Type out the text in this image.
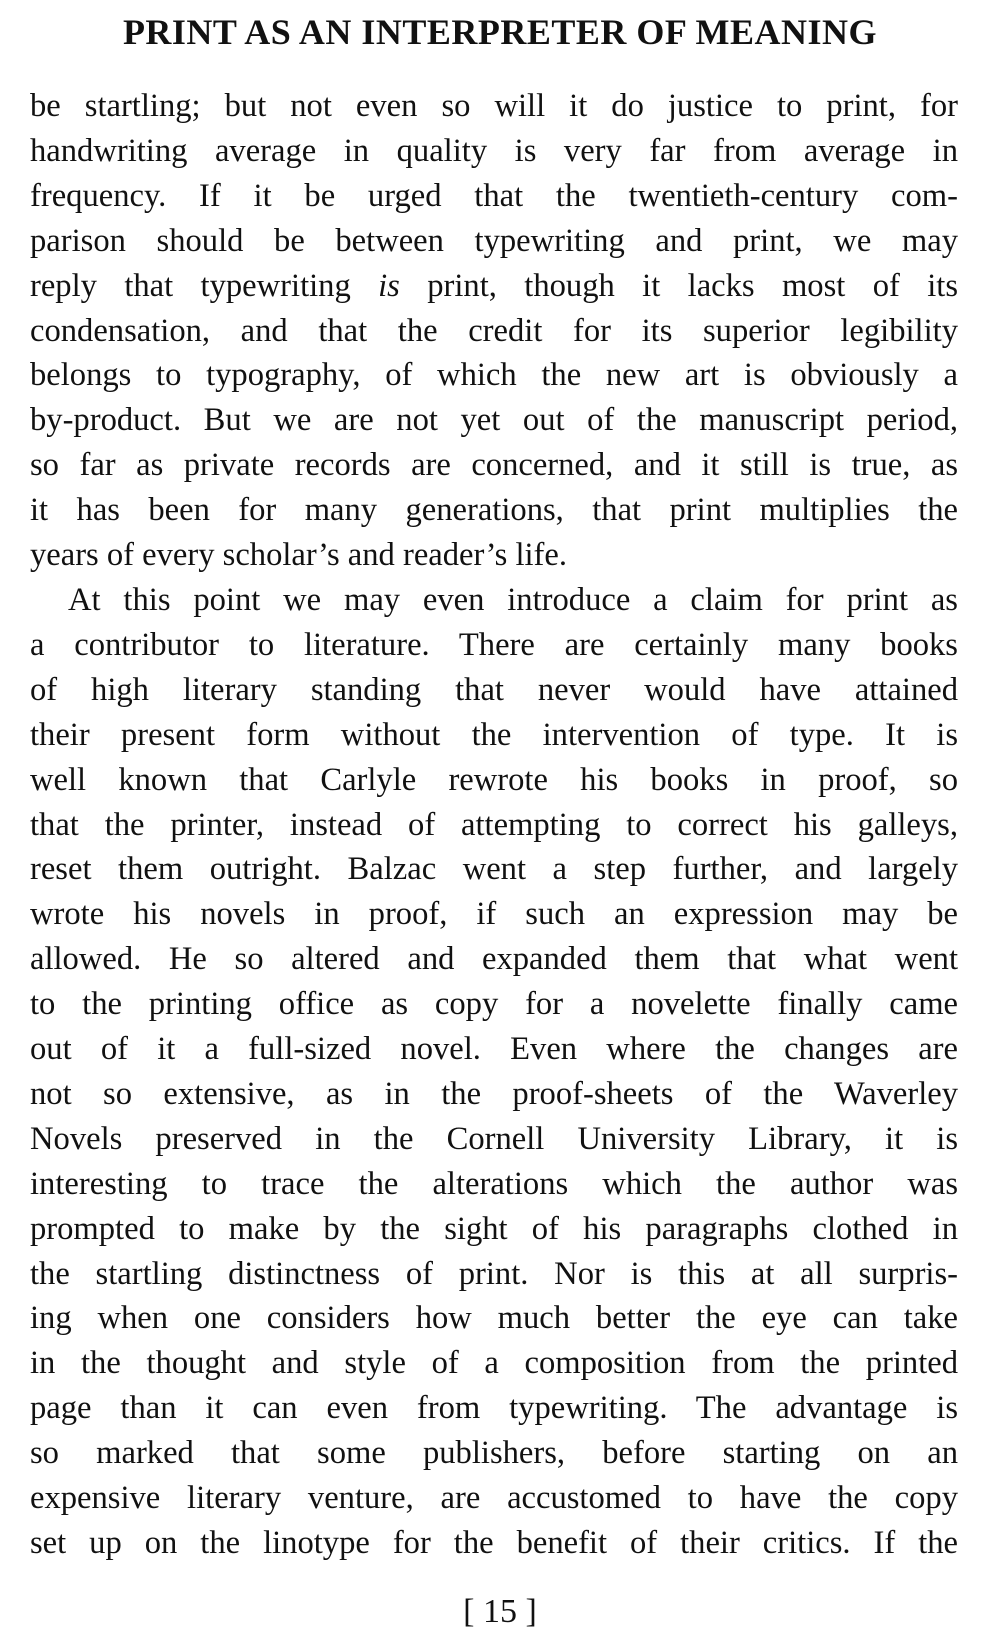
PRINT AS AN INTERPRETER OF MEANING
be startling; but not even so will it do justice to print, for
handwriting average in quality is very far from average in
frequency. If it be urged that the twentieth-century com-
parison should be between typewriting and print, we may
reply that typewriting is print, though it lacks most of its
condensation, and that the credit for its superior legibility
belongs to typography, of which the new art is obviously a
by-product. But we are not yet out of the manuscript period,
so far as private records are concerned, and it still is true, as
it has been for many generations, that print multiplies the
years of every scholar’s and reader’s life.
At this point we may even introduce a claim for print as
a contributor to literature. There are certainly many books
of high literary standing that never would have attained
their present form without the intervention of type. It is
well known that Carlyle rewrote his books in proof, so
that the printer, instead of attempting to correct his galleys,
reset them outright. Balzac went a step further, and largely
wrote his novels in proof, if such an expression may be
allowed. He so altered and expanded them that what went
to the printing office as copy for a novelette finally came
out of it a full-sized novel. Even where the changes are
not so extensive, as in the proof-sheets of the Waverley
Novels preserved in the Cornell University Library, it is
interesting to trace the alterations which the author was
prompted to make by the sight of his paragraphs clothed in
the startling distinctness of print. Nor is this at all surpris-
ing when one considers how much better the eye can take
in the thought and style of a composition from the printed
page than it can even from typewriting. The advantage is
so marked that some publishers, before starting on an
expensive literary venture, are accustomed to have the copy
set up on the linotype for the benefit of their critics. If the
[ 15 ]
